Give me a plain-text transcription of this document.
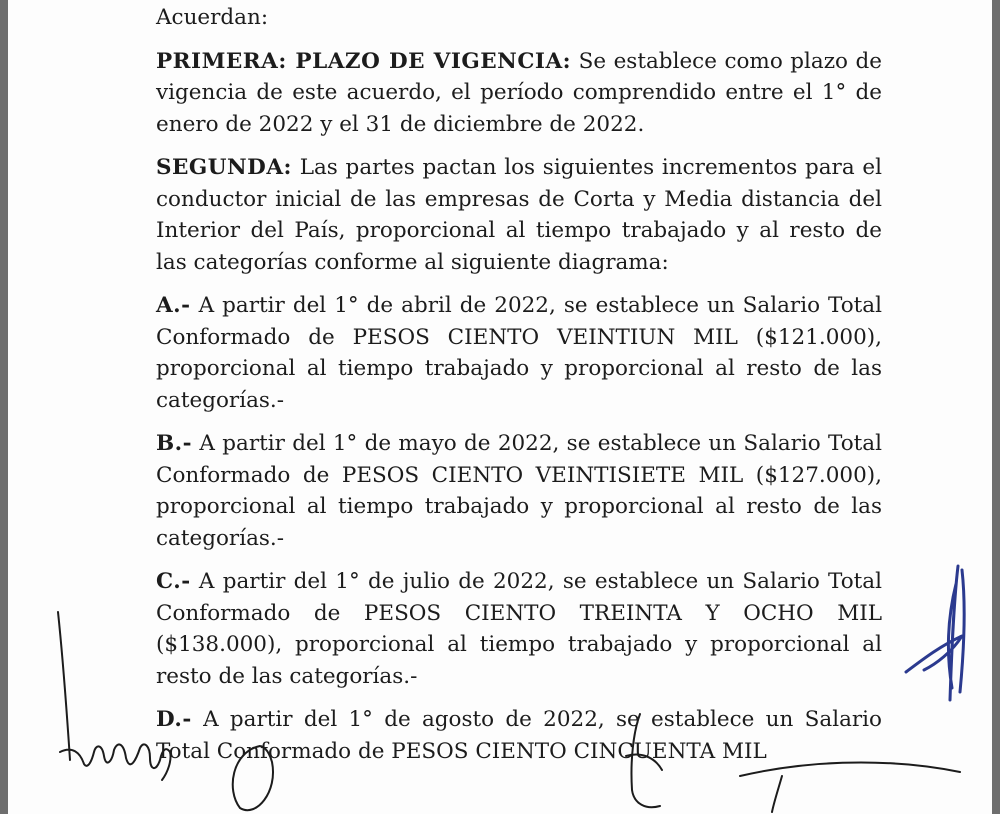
Acuerdan:

PRIMERA: PLAZO DE VIGENCIA: Se establece como plazo de vigencia de este acuerdo, el período comprendido entre el 1° de enero de 2022 y el 31 de diciembre de 2022.

SEGUNDA: Las partes pactan los siguientes incrementos para el conductor inicial de las empresas de Corta y Media distancia del Interior del País, proporcional al tiempo trabajado y al resto de las categorías conforme al siguiente diagrama:

A.- A partir del 1° de abril de 2022, se establece un Salario Total Conformado de PESOS CIENTO VEINTIUN MIL ($121.000), proporcional al tiempo trabajado y proporcional al resto de las categorías.-

B.- A partir del 1° de mayo de 2022, se establece un Salario Total Conformado de PESOS CIENTO VEINTISIETE MIL ($127.000), proporcional al tiempo trabajado y proporcional al resto de las categorías.-

C.- A partir del 1° de julio de 2022, se establece un Salario Total Conformado de PESOS CIENTO TREINTA Y OCHO MIL ($138.000), proporcional al tiempo trabajado y proporcional al resto de las categorías.-

D.- A partir del 1° de agosto de 2022, se establece un Salario Total Conformado de PESOS CIENTO CINCUENTA MIL
